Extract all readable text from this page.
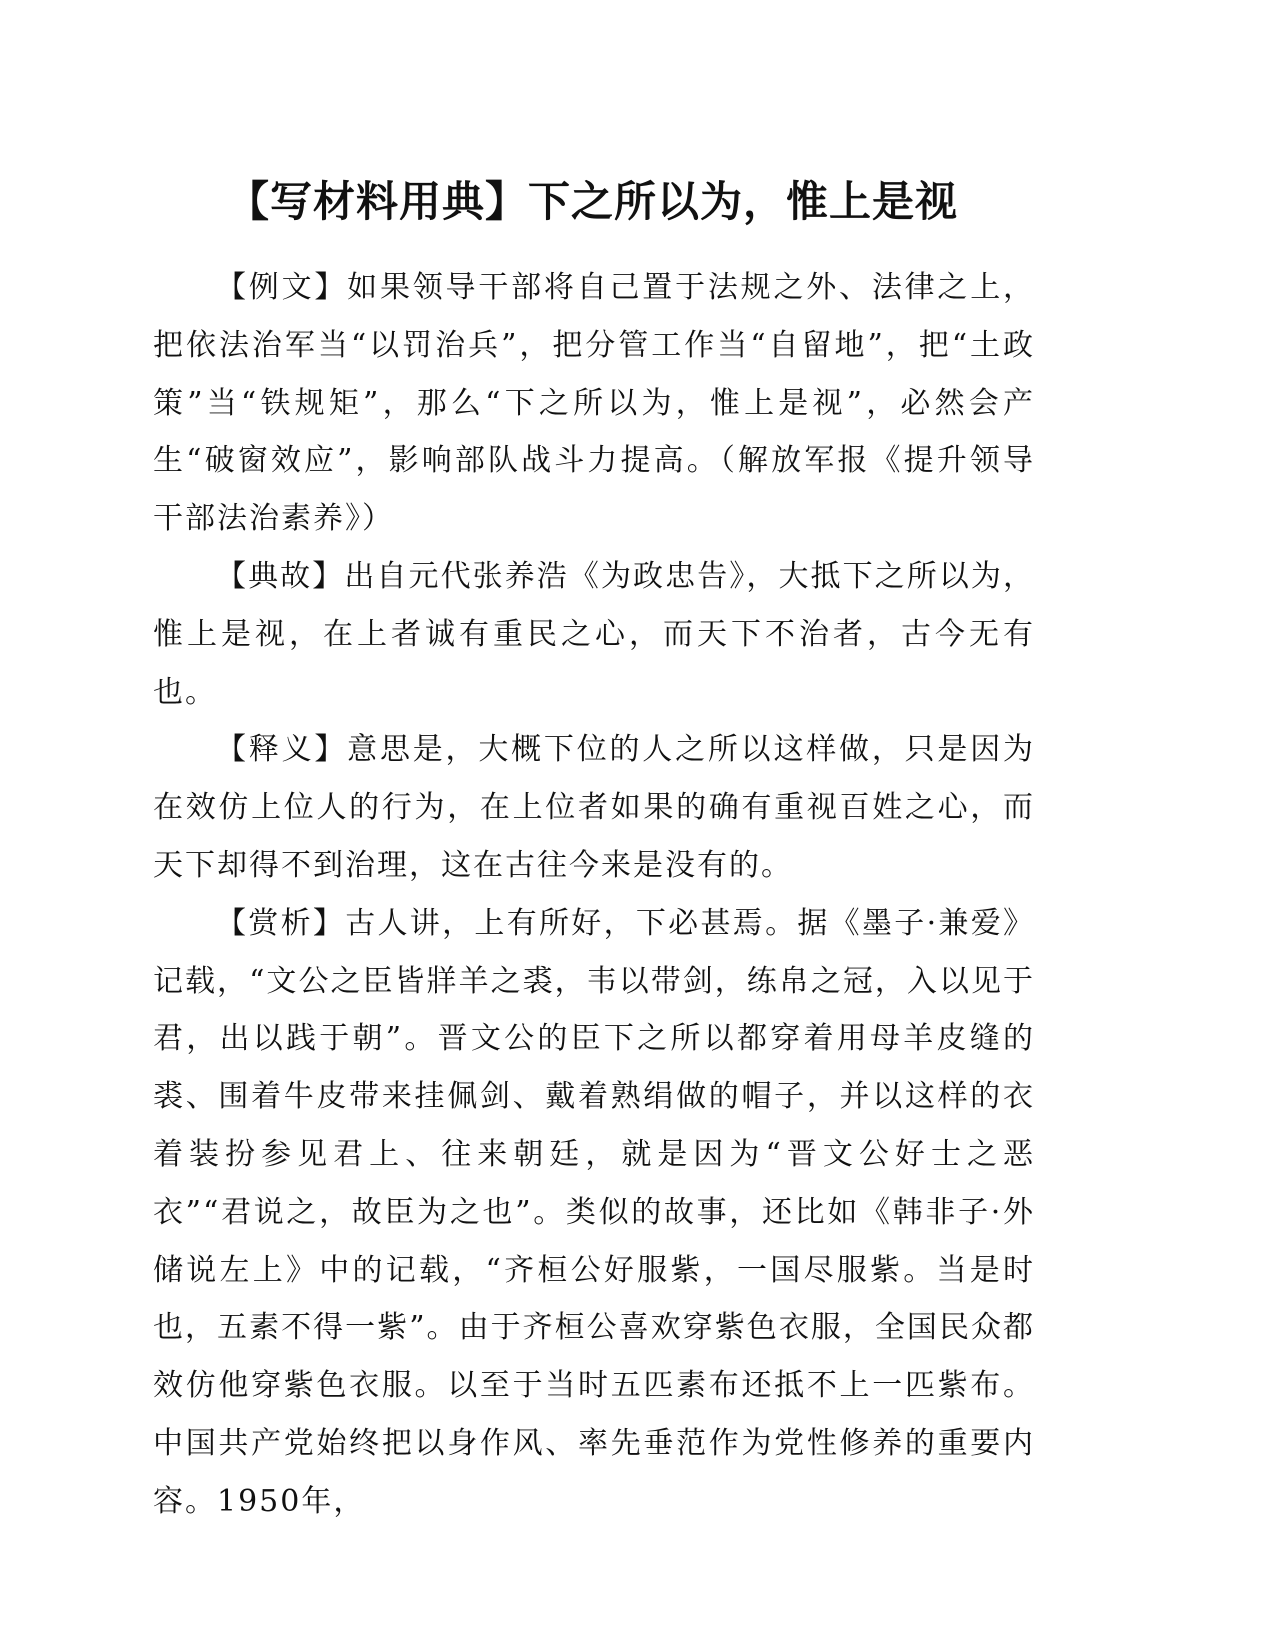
【写材料用典】下之所以为，惟上是视

【例文】如果领导干部将自己置于法规之外、法律之上，把依法治军当“以罚治兵”，把分管工作当“自留地”，把“土政策”当“铁规矩”，那么“下之所以为，惟上是视”，必然会产生“破窗效应”，影响部队战斗力提高。（解放军报《提升领导干部法治素养》）

【典故】出自元代张养浩《为政忠告》，大抵下之所以为，惟上是视，在上者诚有重民之心，而天下不治者，古今无有也。

【释义】意思是，大概下位的人之所以这样做，只是因为在效仿上位人的行为，在上位者如果的确有重视百姓之心，而天下却得不到治理，这在古往今来是没有的。

【赏析】古人讲，上有所好，下必甚焉。据《墨子·兼爱》记载，“文公之臣皆牂羊之裘，韦以带剑，练帛之冠，入以见于君，出以践于朝”。晋文公的臣下之所以都穿着用母羊皮缝的裘、围着牛皮带来挂佩剑、戴着熟绢做的帽子，并以这样的衣着装扮参见君上、往来朝廷，就是因为“晋文公好士之恶衣”“君说之，故臣为之也”。类似的故事，还比如《韩非子·外储说左上》中的记载，“齐桓公好服紫，一国尽服紫。当是时也，五素不得一紫”。由于齐桓公喜欢穿紫色衣服，全国民众都效仿他穿紫色衣服。以至于当时五匹素布还抵不上一匹紫布。中国共产党始终把以身作风、率先垂范作为党性修养的重要内容。1950年，
